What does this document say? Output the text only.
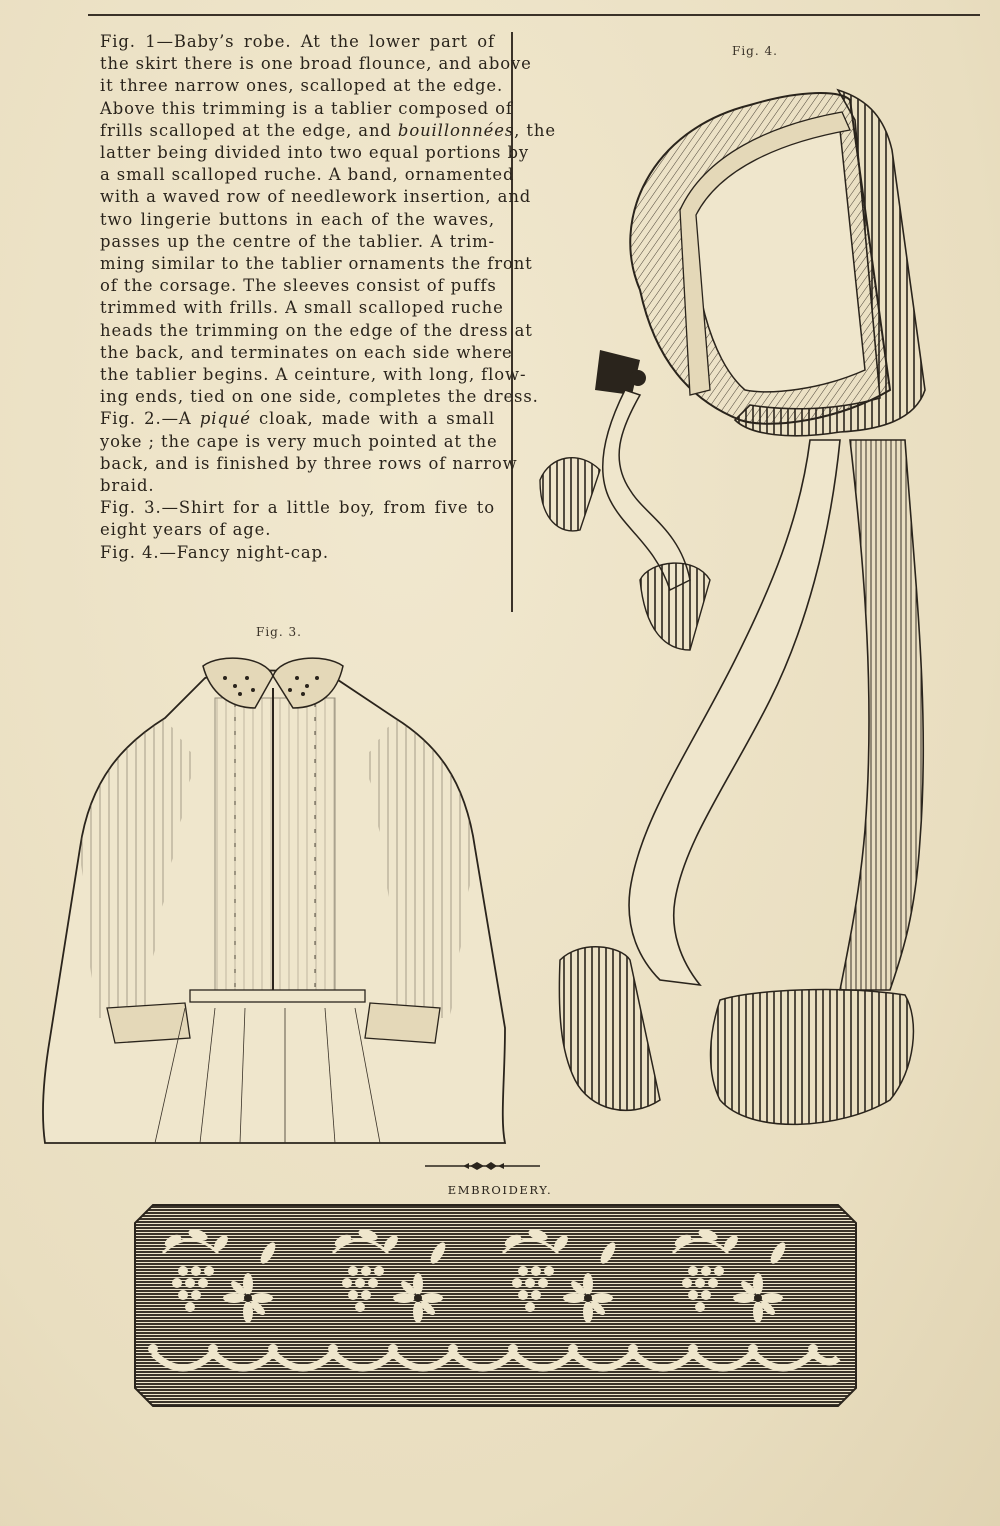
Fig. 1—Baby’s robe. At the lower part of
the skirt there is one broad flounce, and above
it three narrow ones, scalloped at the edge.
Above this trimming is a tablier composed of
frills scalloped at the edge, and bouillonnées, the
latter being divided into two equal portions by
a small scalloped ruche. A band, ornamented
with a waved row of needlework insertion, and
two lingerie buttons in each of the waves,
passes up the centre of the tablier. A trim-
ming similar to the tablier ornaments the front
of the corsage. The sleeves consist of puffs
trimmed with frills. A small scalloped ruche
heads the trimming on the edge of the dress at
the back, and terminates on each side where
the tablier begins. A ceinture, with long, flow-
ing ends, tied on one side, completes the dress.
Fig. 2.—A piqué cloak, made with a small
yoke ; the cape is very much pointed at the
back, and is finished by three rows of narrow
braid.
Fig. 3.—Shirt for a little boy, from five to
eight years of age.
Fig. 4.—Fancy night-cap.
Fig. 4.
Fig. 3.
EMBROIDERY.
